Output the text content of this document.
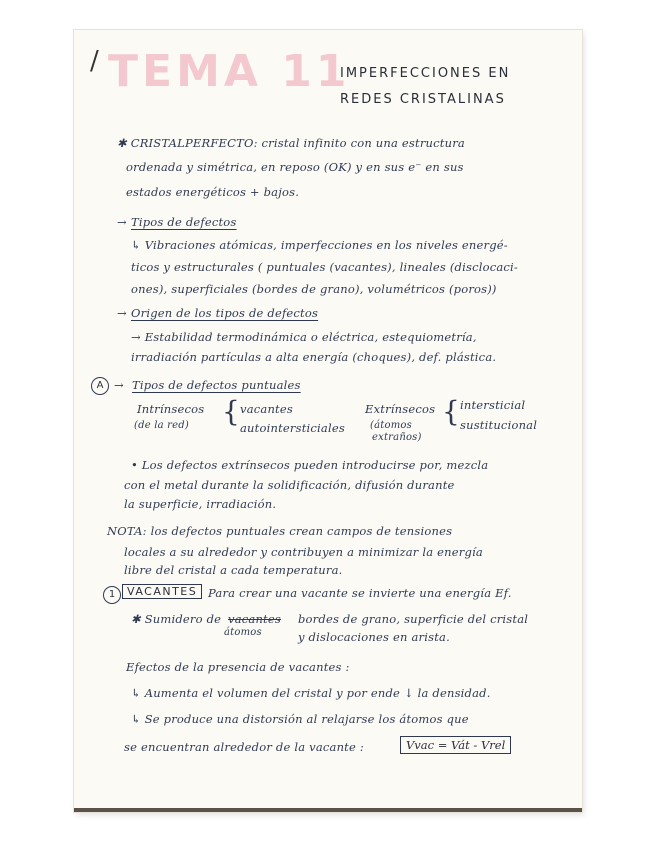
/ TEMA 11
IMPERFECCIONES EN
REDES CRISTALINAS
✱ CRISTALPERFECTO: cristal infinito con una estructura
ordenada y simétrica, en reposo (OK) y en sus e⁻ en sus
estados energéticos + bajos.
→ Tipos de defectos
↳ Vibraciones atómicas, imperfecciones en los niveles energé-
ticos y estructurales ( puntuales (vacantes), lineales (disclocaci-
ones), superficiales (bordes de grano), volumétricos (poros))
→ Origen de los tipos de defectos
→ Estabilidad termodinámica o eléctrica, estequiometría,
irradiación partículas a alta energía (choques), def. plástica.
A → Tipos de defectos puntuales
Intrínsecos
(de la red) { vacantes
autointersticiales
Extrínsecos
(átomos
extraños)
{ intersticial
sustitucional
• Los defectos extrínsecos pueden introducirse por, mezcla
con el metal durante la solidificación, difusión durante
la superficie, irradiación.
NOTA: los defectos puntuales crean campos de tensiones
locales a su alrededor y contribuyen a minimizar la energía
libre del cristal a cada temperatura.
1	VACANTES Para crear una vacante se invierte una energía Ef.
✱ Sumidero de vacantes
átomos
bordes de grano, superficie del cristal
y dislocaciones en arista.
Efectos de la presencia de vacantes :
↳ Aumenta el volumen del cristal y por ende ↓ la densidad.
↳ Se produce una distorsión al relajarse los átomos que
se encuentran alrededor de la vacante :	Vvac = Vát - Vrel
